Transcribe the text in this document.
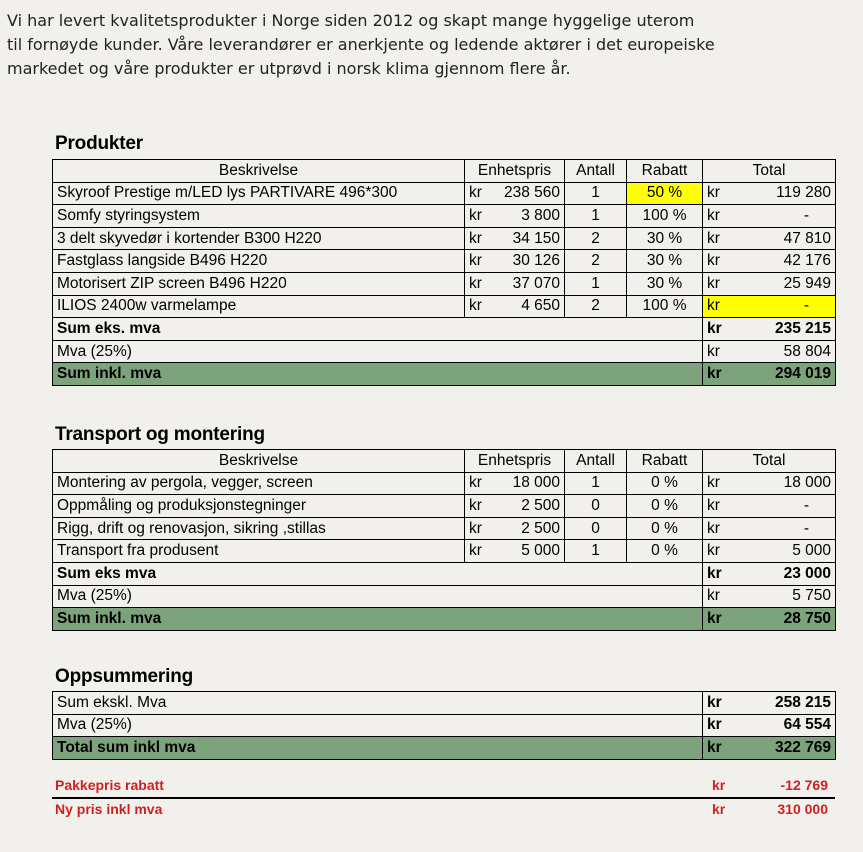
Vi har levert kvalitetsprodukter i Norge siden 2012 og skapt mange hyggelige uterom
til fornøyde kunder. Våre leverandører er anerkjente og ledende aktører i det europeiske
markedet og våre produkter er utprøvd i norsk klima gjennom flere år.
Produkter
Beskrivelse	Enhetspris		Antall	Rabatt	Total	
Skyroof Prestige m/LED lys PARTIVARE 496*300	kr	238 560	1	50 %	kr	119 280
Somfy styringsystem	kr	3 800	1	100 %	kr	-
3 delt skyvedør i kortender B300 H220	kr	34 150	2	30 %	kr	47 810
Fastglass langside B496 H220	kr	30 126	2	30 %	kr	42 176
Motorisert ZIP screen B496 H220	kr	37 070	1	30 %	kr	25 949
ILIOS 2400w varmelampe	kr	4 650	2	100 %	kr	-
Sum eks. mva					kr	235 215
Mva (25%)					kr	58 804
Sum inkl. mva					kr	294 019
Transport og montering
Beskrivelse	Enhetspris		Antall	Rabatt	Total	
Montering av pergola, vegger, screen	kr	18 000	1	0 %	kr	18 000
Oppmåling og produksjonstegninger	kr	2 500	0	0 %	kr	-
Rigg, drift og renovasjon, sikring ,stillas	kr	2 500	0	0 %	kr	-
Transport fra produsent	kr	5 000	1	0 %	kr	5 000
Sum eks mva					kr	23 000
Mva (25%)					kr	5 750
Sum inkl. mva					kr	28 750
Oppsummering
Sum ekskl. Mva	kr	258 215
Mva (25%)	kr	64 554
Total sum inkl mva	kr	322 769
Pakkepris rabatt	kr	-12 769
Ny pris inkl mva	kr	310 000
